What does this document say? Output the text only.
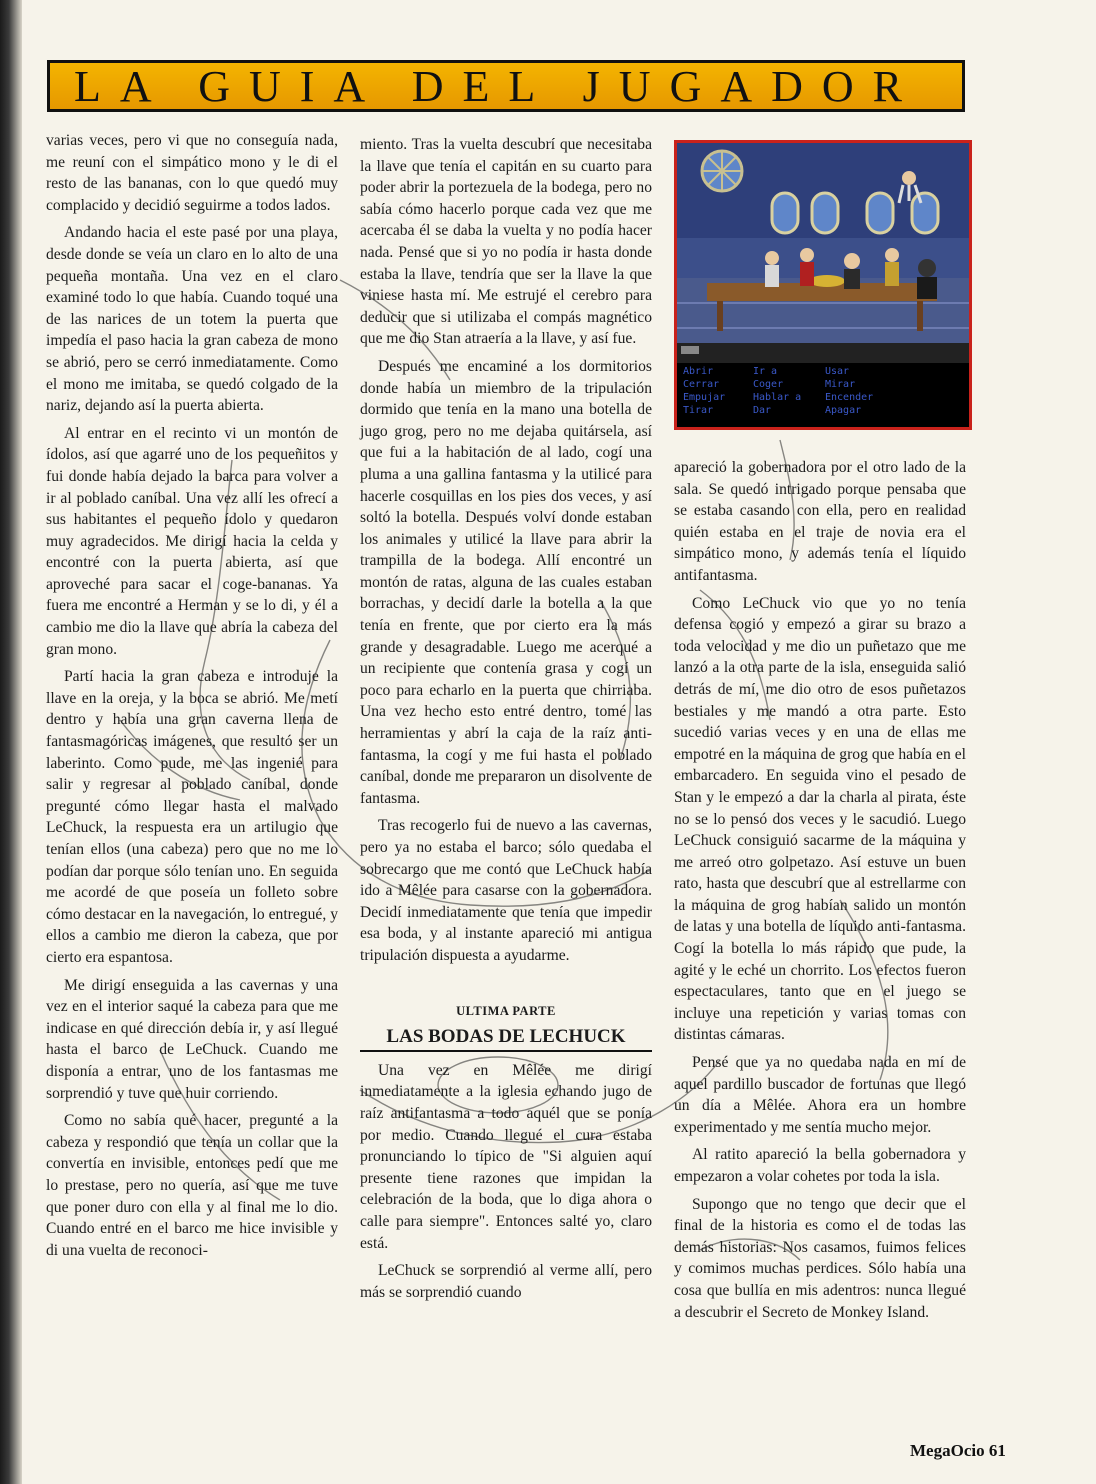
LA GUIA DEL JUGADOR

varias veces, pero vi que no conseguía nada, me reuní con el simpático mono y le di el resto de las bananas, con lo que quedó muy complacido y decidió seguirme a todos lados.

Andando hacia el este pasé por una playa, desde donde se veía un claro en lo alto de una pequeña montaña. Una vez en el claro examiné todo lo que había. Cuando toqué una de las narices de un totem la puerta que impedía el paso hacia la gran cabeza de mono se abrió, pero se cerró inmediatamente. Como el mono me imitaba, se quedó colgado de la nariz, dejando así la puerta abierta.

Al entrar en el recinto vi un montón de ídolos, así que agarré uno de los pequeñitos y fui donde había dejado la barca para volver a ir al poblado caníbal. Una vez allí les ofrecí a sus habitantes el pequeño ídolo y quedaron muy agradecidos. Me dirigí hacia la celda y encontré con la puerta abierta, así que aproveché para sacar el coge-bananas. Ya fuera me encontré a Herman y se lo di, y él a cambio me dio la llave que abría la cabeza del gran mono.

Partí hacia la gran cabeza e introduje la llave en la oreja, y la boca se abrió. Me metí dentro y había una gran caverna llena de fantasmagóricas imágenes, que resultó ser un laberinto. Como pude, me las ingenié para salir y regresar al poblado caníbal, donde pregunté cómo llegar hasta el malvado LeChuck, la respuesta era un artilugio que tenían ellos (una cabeza) pero que no me lo podían dar porque sólo tenían uno. En seguida me acordé de que poseía un folleto sobre cómo destacar en la navegación, lo entregué, y ellos a cambio me dieron la cabeza, que por cierto era espantosa.

Me dirigí enseguida a las cavernas y una vez en el interior saqué la cabeza para que me indicase en qué dirección debía ir, y así llegué hasta el barco de LeChuck. Cuando me disponía a entrar, uno de los fantasmas me sorprendió y tuve que huir corriendo.

Como no sabía qué hacer, pregunté a la cabeza y respondió que tenía un collar que la convertía en invisible, entonces pedí que me lo prestase, pero no quería, así que me tuve que poner duro con ella y al final me lo dio. Cuando entré en el barco me hice invisible y di una vuelta de reconoci-

miento. Tras la vuelta descubrí que necesitaba la llave que tenía el capitán en su cuarto para poder abrir la portezuela de la bodega, pero no sabía cómo hacerlo porque cada vez que me acercaba él se daba la vuelta y no podía hacer nada. Pensé que si yo no podía ir hasta donde estaba la llave, tendría que ser la llave la que viniese hasta mí. Me estrujé el cerebro para deducir que si utilizaba el compás magnético que me dio Stan atraería a la llave, y así fue.

Después me encaminé a los dormitorios donde había un miembro de la tripulación dormido que tenía en la mano una botella de jugo grog, pero no me dejaba quitársela, así que fui a la habitación de al lado, cogí una pluma a una gallina fantasma y la utilicé para hacerle cosquillas en los pies dos veces, y así soltó la botella. Después volví donde estaban los animales y utilicé la llave para abrir la trampilla de la bodega. Allí encontré un montón de ratas, alguna de las cuales estaban borrachas, y decidí darle la botella a la que tenía en frente, que por cierto era la más grande y desagradable. Luego me acerqué a un recipiente que contenía grasa y cogí un poco para echarlo en la puerta que chirriaba. Una vez hecho esto entré dentro, tomé las herramientas y abrí la caja de la raíz anti-fantasma, la cogí y me fui hasta el poblado caníbal, donde me prepararon un disolvente de fantasma.

Tras recogerlo fui de nuevo a las cavernas, pero ya no estaba el barco; sólo quedaba el sobrecargo que me contó que LeChuck había ido a Mêlée para casarse con la gobernadora. Decidí inmediatamente que tenía que impedir esa boda, y al instante apareció mi antigua tripulación dispuesta a ayudarme.

ULTIMA PARTE
LAS BODAS DE LECHUCK

Una vez en Mêlée me dirigí inmediatamente a la iglesia echando jugo de raíz antifantasma a todo aquél que se ponía por medio. Cuando llegué el cura estaba pronunciando lo típico de "Si alguien aquí presente tiene razones que impidan la celebración de la boda, que lo diga ahora o calle para siempre". Entonces salté yo, claro está.

LeChuck se sorprendió al verme allí, pero más se sorprendió cuando

Abrir	Ir a	Usar
Cerrar	Coger	Mirar
Empujar	Hablar a	Encender
Tirar	Dar	Apagar

apareció la gobernadora por el otro lado de la sala. Se quedó intrigado porque pensaba que se estaba casando con ella, pero en realidad quién estaba en el traje de novia era el simpático mono, y además tenía el líquido antifantasma.

Como LeChuck vio que yo no tenía defensa cogió y empezó a girar su brazo a toda velocidad y me dio un puñetazo que me lanzó a la otra parte de la isla, enseguida salió detrás de mí, me dio otro de esos puñetazos bestiales y me mandó a otra parte. Esto sucedió varias veces y en una de ellas me empotré en la máquina de grog que había en el embarcadero. En seguida vino el pesado de Stan y le empezó a dar la charla al pirata, éste no se lo pensó dos veces y le sacudió. Luego LeChuck consiguió sacarme de la máquina y me arreó otro golpetazo. Así estuve un buen rato, hasta que descubrí que al estrellarme con la máquina de grog habían salido un montón de latas y una botella de líquido anti-fantasma. Cogí la botella lo más rápido que pude, la agité y le eché un chorrito. Los efectos fueron espectaculares, tanto que en el juego se incluye una repetición y varias tomas con distintas cámaras.

Pensé que ya no quedaba nada en mí de aquel pardillo buscador de fortunas que llegó un día a Mêlée. Ahora era un hombre experimentado y me sentía mucho mejor.

Al ratito apareció la bella gobernadora y empezaron a volar cohetes por toda la isla.

Supongo que no tengo que decir que el final de la historia es como el de todas las demás historias: Nos casamos, fuimos felices y comimos muchas perdices. Sólo había una cosa que bullía en mis adentros: nunca llegué a descubrir el Secreto de Monkey Island.

MegaOcio 61
